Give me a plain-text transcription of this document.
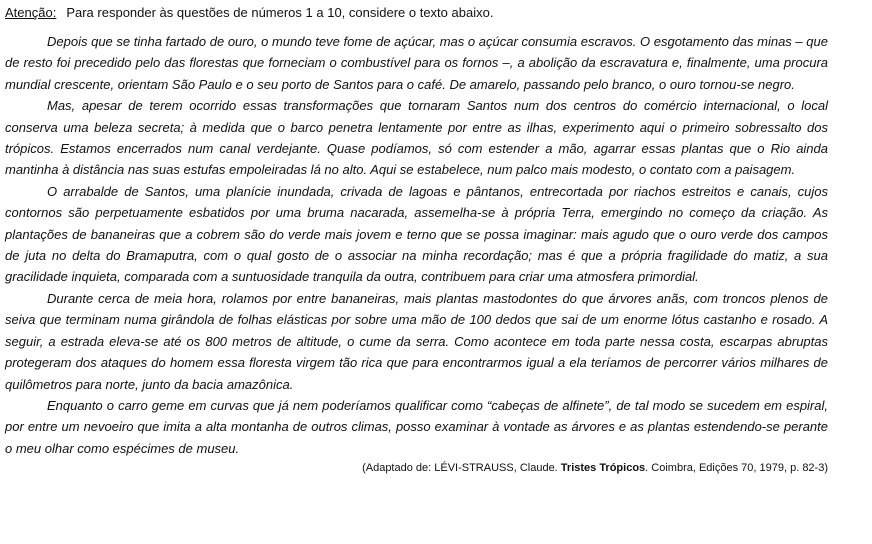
Atenção: Para responder às questões de números 1 a 10, considere o texto abaixo.

Depois que se tinha fartado de ouro, o mundo teve fome de açúcar, mas o açúcar consumia escravos. O esgotamento das minas – que de resto foi precedido pelo das florestas que forneciam o combustível para os fornos –, a abolição da escravatura e, finalmente, uma procura mundial crescente, orientam São Paulo e o seu porto de Santos para o café. De amarelo, passando pelo branco, o ouro tornou-se negro.

Mas, apesar de terem ocorrido essas transformações que tornaram Santos num dos centros do comércio internacional, o local conserva uma beleza secreta; à medida que o barco penetra lentamente por entre as ilhas, experimento aqui o primeiro sobressalto dos trópicos. Estamos encerrados num canal verdejante. Quase podíamos, só com estender a mão, agarrar essas plantas que o Rio ainda mantinha à distância nas suas estufas empoleiradas lá no alto. Aqui se estabelece, num palco mais modesto, o contato com a paisagem.

O arrabalde de Santos, uma planície inundada, crivada de lagoas e pântanos, entrecortada por riachos estreitos e canais, cujos contornos são perpetuamente esbatidos por uma bruma nacarada, assemelha-se à própria Terra, emergindo no começo da criação. As plantações de bananeiras que a cobrem são do verde mais jovem e terno que se possa imaginar: mais agudo que o ouro verde dos campos de juta no delta do Bramaputra, com o qual gosto de o associar na minha recordação; mas é que a própria fragilidade do matiz, a sua gracilidade inquieta, comparada com a suntuosidade tranquila da outra, contribuem para criar uma atmosfera primordial.

Durante cerca de meia hora, rolamos por entre bananeiras, mais plantas mastodontes do que árvores anãs, com troncos plenos de seiva que terminam numa girândola de folhas elásticas por sobre uma mão de 100 dedos que sai de um enorme lótus castanho e rosado. A seguir, a estrada eleva-se até os 800 metros de altitude, o cume da serra. Como acontece em toda parte nessa costa, escarpas abruptas protegeram dos ataques do homem essa floresta virgem tão rica que para encontrarmos igual a ela teríamos de percorrer vários milhares de quilômetros para norte, junto da bacia amazônica.

Enquanto o carro geme em curvas que já nem poderíamos qualificar como “cabeças de alfinete”, de tal modo se sucedem em espiral, por entre um nevoeiro que imita a alta montanha de outros climas, posso examinar à vontade as árvores e as plantas estendendo-se perante o meu olhar como espécimes de museu.

(Adaptado de: LÉVI-STRAUSS, Claude. Tristes Trópicos. Coimbra, Edições 70, 1979, p. 82-3)
